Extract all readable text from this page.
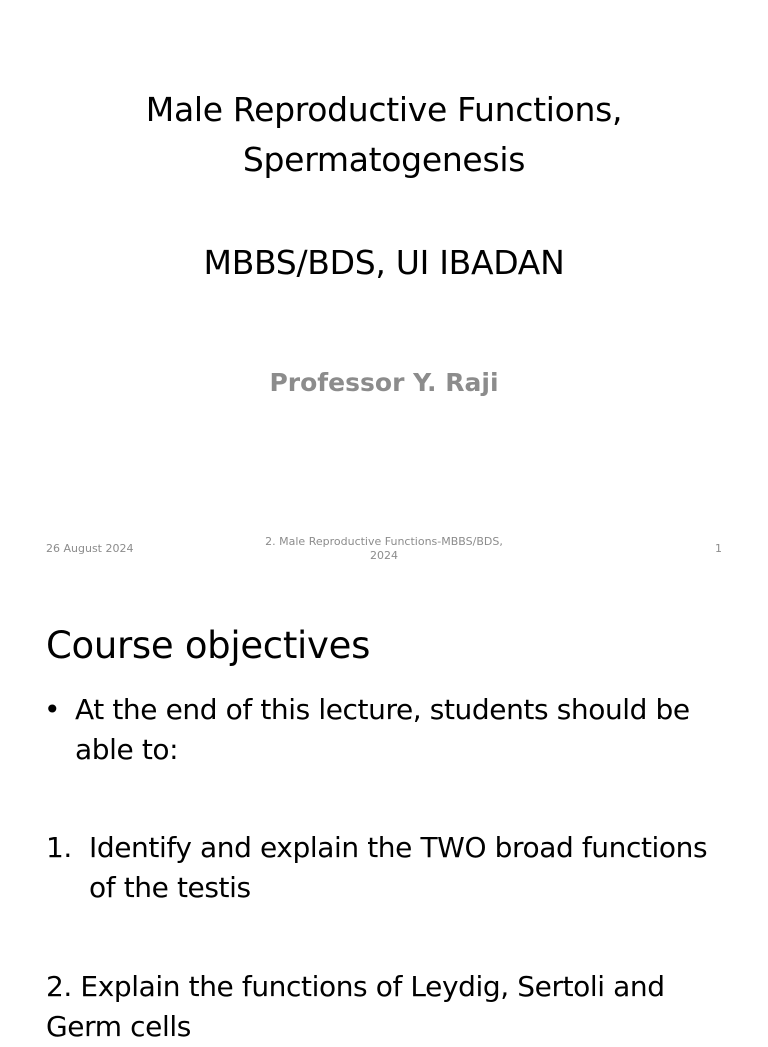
Male Reproductive Functions,
Spermatogenesis
MBBS/BDS, UI IBADAN
Professor Y. Raji
26 August 2024
2. Male Reproductive Functions-MBBS/BDS,
2024
1
Course objectives
• At the end of this lecture, students should be
able to:
1. Identify and explain the TWO broad functions
of the testis
2. Explain the functions of Leydig, Sertoli and
Germ cells
